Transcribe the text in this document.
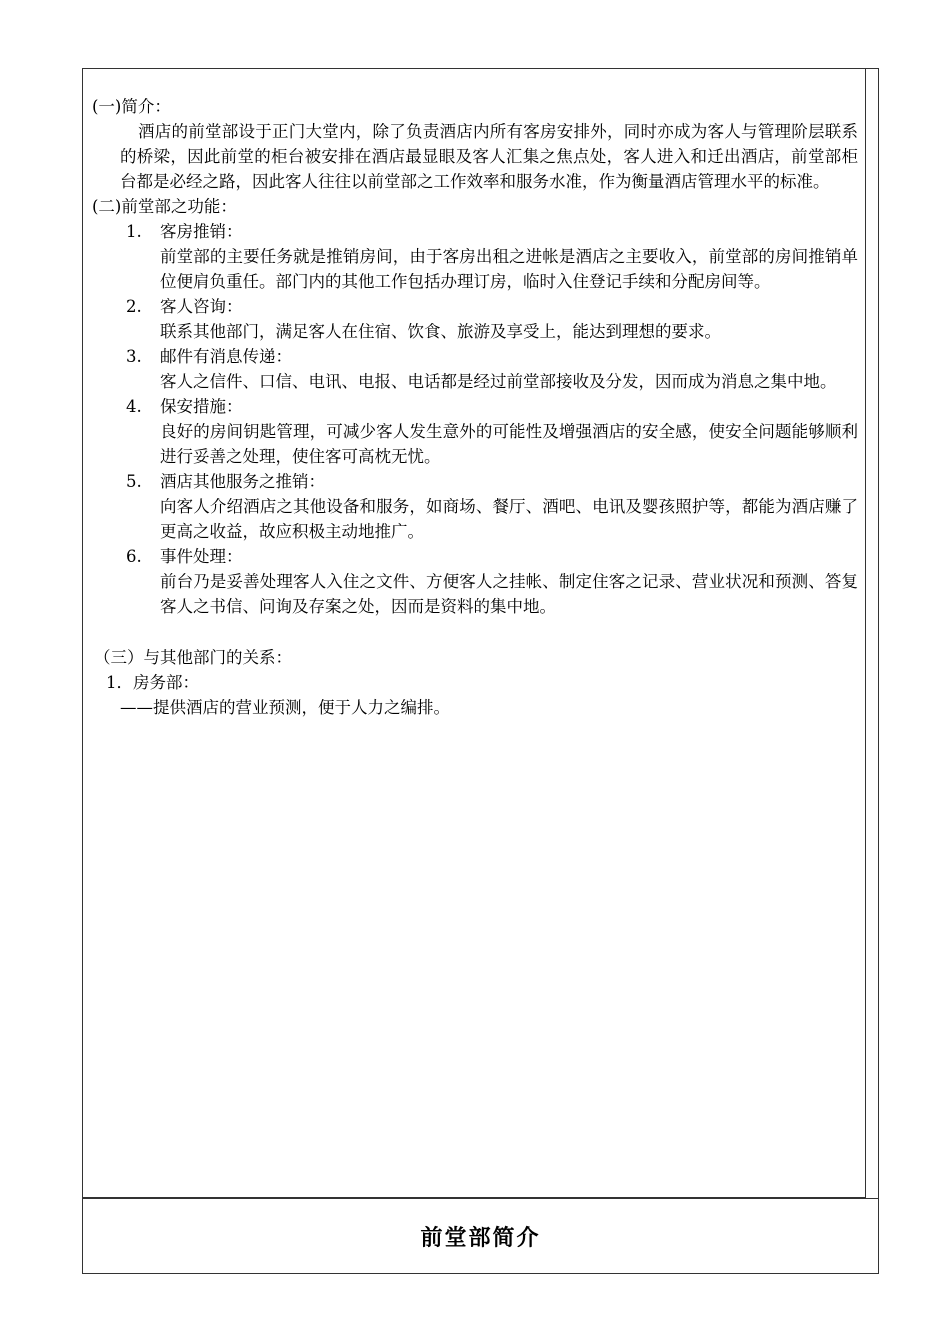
(一)简介：

酒店的前堂部设于正门大堂内，除了负责酒店内所有客房安排外，同时亦成为客人与管理阶层联系的桥梁，因此前堂的柜台被安排在酒店最显眼及客人汇集之焦点处，客人进入和迁出酒店，前堂部柜台都是必经之路，因此客人往往以前堂部之工作效率和服务水准，作为衡量酒店管理水平的标准。

(二)前堂部之功能：

1. 客房推销：

前堂部的主要任务就是推销房间，由于客房出租之进帐是酒店之主要收入，前堂部的房间推销单位便肩负重任。部门内的其他工作包括办理订房，临时入住登记手续和分配房间等。

2. 客人咨询：

联系其他部门，满足客人在住宿、饮食、旅游及享受上，能达到理想的要求。

3. 邮件有消息传递：

客人之信件、口信、电讯、电报、电话都是经过前堂部接收及分发，因而成为消息之集中地。

4. 保安措施：

良好的房间钥匙管理，可减少客人发生意外的可能性及增强酒店的安全感，使安全问题能够顺利进行妥善之处理，使住客可高枕无忧。

5. 酒店其他服务之推销：

向客人介绍酒店之其他设备和服务，如商场、餐厅、酒吧、电讯及婴孩照护等，都能为酒店赚了更高之收益，故应积极主动地推广。

6. 事件处理：

前台乃是妥善处理客人入住之文件、方便客人之挂帐、制定住客之记录、营业状况和预测、答复客人之书信、问询及存案之处，因而是资料的集中地。

（三）与其他部门的关系：

1．房务部：

——提供酒店的营业预测，便于人力之编排。

前堂部简介
